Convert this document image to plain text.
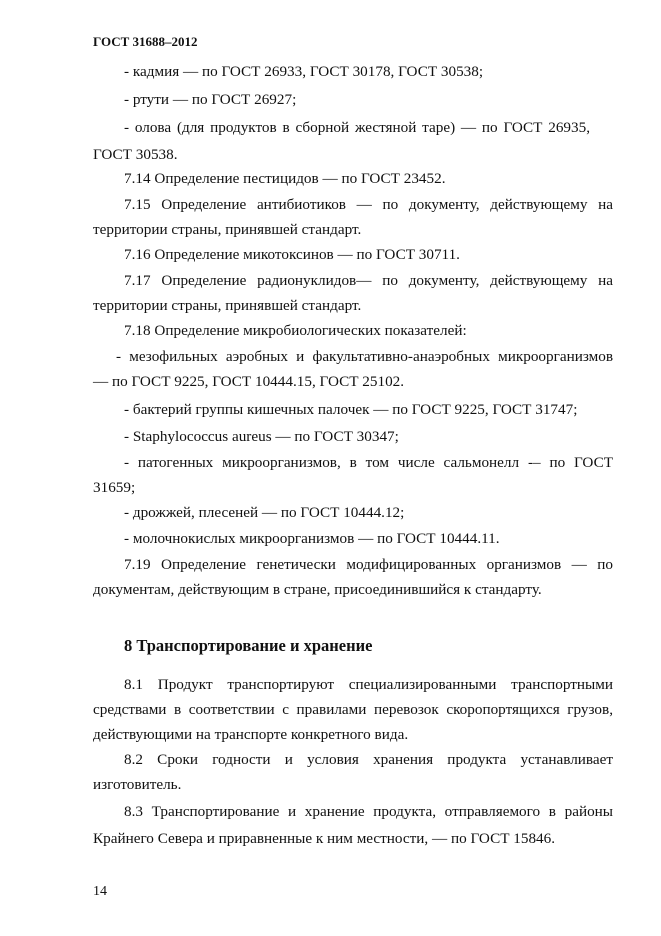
ГОСТ 31688–2012
- кадмия — по ГОСТ 26933, ГОСТ 30178, ГОСТ 30538;
- ртути — по ГОСТ 26927;
- олова (для продуктов в сборной жестяной таре) — по ГОСТ 26935,
ГОСТ 30538.
7.14 Определение пестицидов — по ГОСТ 23452.
7.15 Определение антибиотиков — по документу, действующему на
территории страны, принявшей стандарт.
7.16 Определение микотоксинов — по ГОСТ 30711.
7.17 Определение радионуклидов— по документу, действующему на
территории страны, принявшей стандарт.
7.18 Определение микробиологических показателей:
- мезофильных аэробных и факультативно-анаэробных микроорганизмов
— по ГОСТ 9225, ГОСТ 10444.15, ГОСТ 25102.
- бактерий группы кишечных палочек — по ГОСТ 9225, ГОСТ 31747;
- Staphylococcus aureus — по ГОСТ 30347;
- патогенных микроорганизмов, в том числе сальмонелл -– по ГОСТ
31659;
- дрожжей, плесеней — по ГОСТ 10444.12;
- молочнокислых микроорганизмов — по ГОСТ 10444.11.
7.19 Определение генетически модифицированных организмов — по
документам, действующим в стране, присоединившийся к стандарту.
8 Транспортирование и хранение
8.1 Продукт транспортируют специализированными транспортными
средствами в соответствии с правилами перевозок скоропортящихся грузов,
действующими на транспорте конкретного вида.
8.2 Сроки годности и условия хранения продукта устанавливает
изготовитель.
8.3 Транспортирование и хранение продукта, отправляемого в районы
Крайнего Севера и приравненные к ним местности, — по ГОСТ 15846.
14
